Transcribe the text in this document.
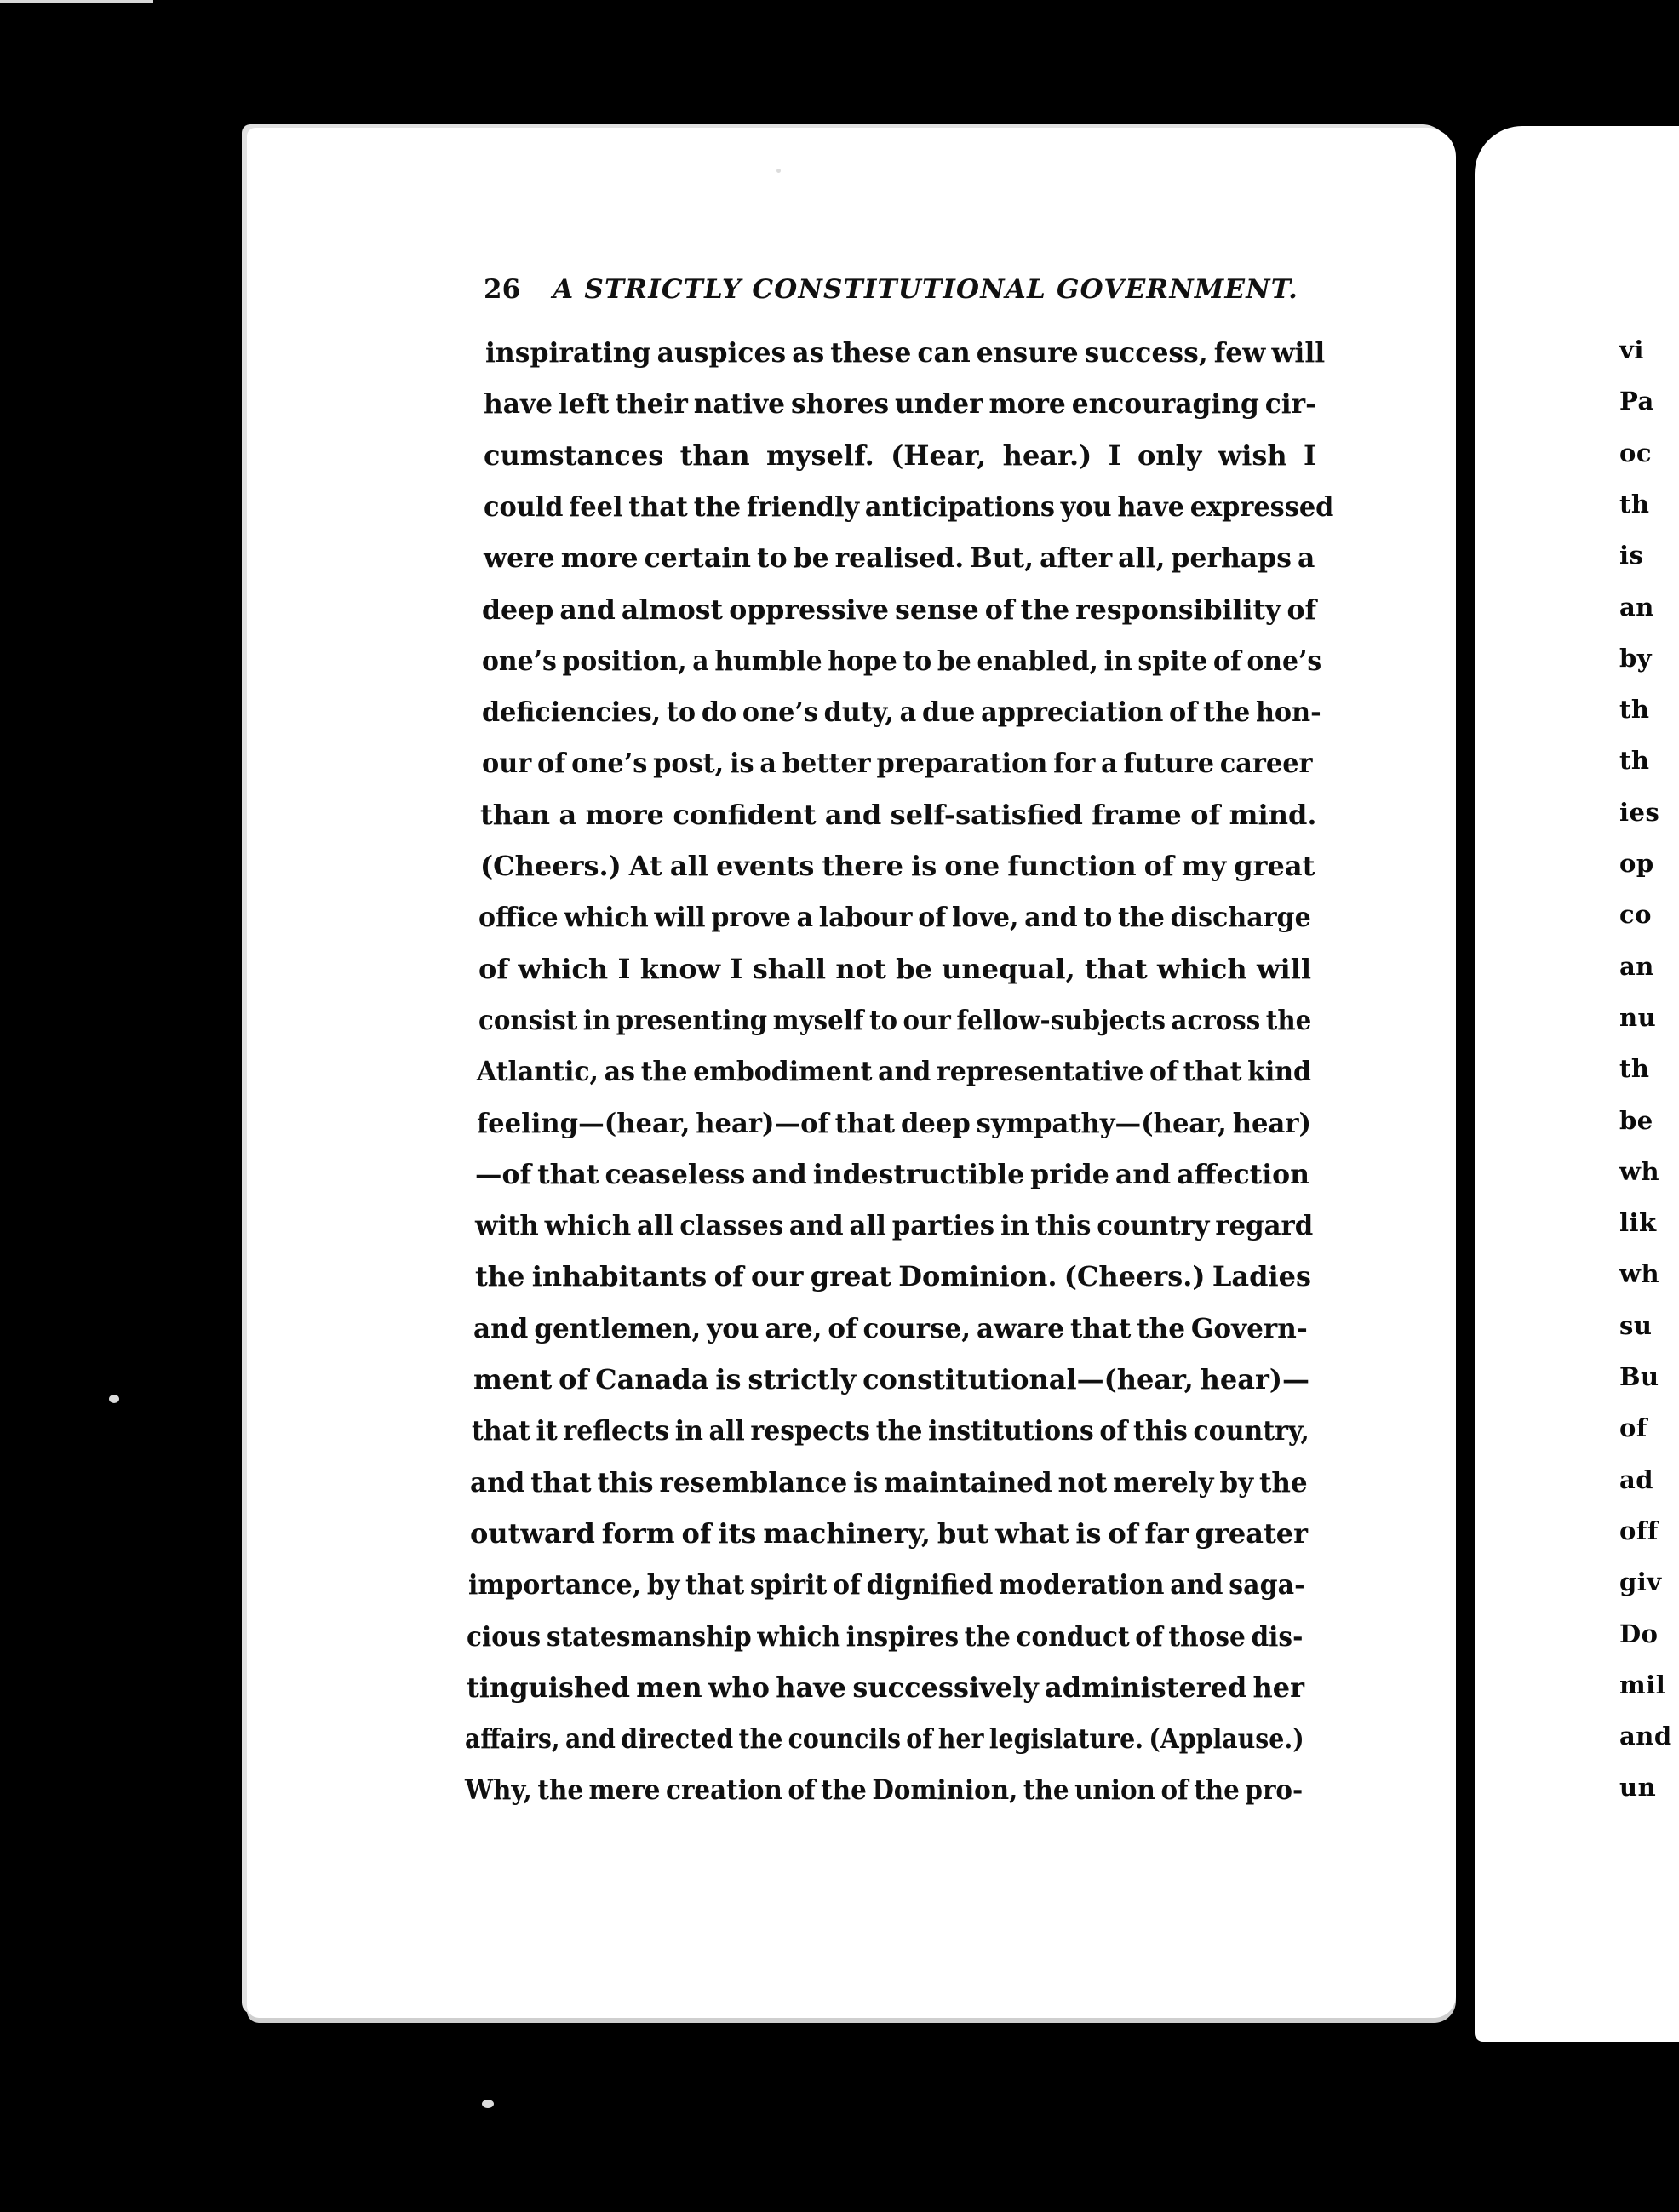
vi
Pa
oc
th
is
an
by
th
th
ies
op
co
an
nu
th
be
wh
lik
wh
su
Bu
of
ad
off
giv
Do
mil
and
un
26 A STRICTLY CONSTITUTIONAL GOVERNMENT.
inspirating auspices as these can ensure success, few will
have left their native shores under more encouraging cir-
cumstances than myself. (Hear, hear.) I only wish I
could feel that the friendly anticipations you have expressed
were more certain to be realised. But, after all, perhaps a
deep and almost oppressive sense of the responsibility of
one’s position, a humble hope to be enabled, in spite of one’s
deficiencies, to do one’s duty, a due appreciation of the hon-
our of one’s post, is a better preparation for a future career
than a more confident and self-satisfied frame of mind.
(Cheers.) At all events there is one function of my great
office which will prove a labour of love, and to the discharge
of which I know I shall not be unequal, that which will
consist in presenting myself to our fellow-subjects across the
Atlantic, as the embodiment and representative of that kind
feeling—(hear, hear)—of that deep sympathy—(hear, hear)
—of that ceaseless and indestructible pride and affection
with which all classes and all parties in this country regard
the inhabitants of our great Dominion. (Cheers.) Ladies
and gentlemen, you are, of course, aware that the Govern-
ment of Canada is strictly constitutional—(hear, hear)—
that it reflects in all respects the institutions of this country,
and that this resemblance is maintained not merely by the
outward form of its machinery, but what is of far greater
importance, by that spirit of dignified moderation and saga-
cious statesmanship which inspires the conduct of those dis-
tinguished men who have successively administered her
affairs, and directed the councils of her legislature. (Applause.)
Why, the mere creation of the Dominion, the union of the pro-
